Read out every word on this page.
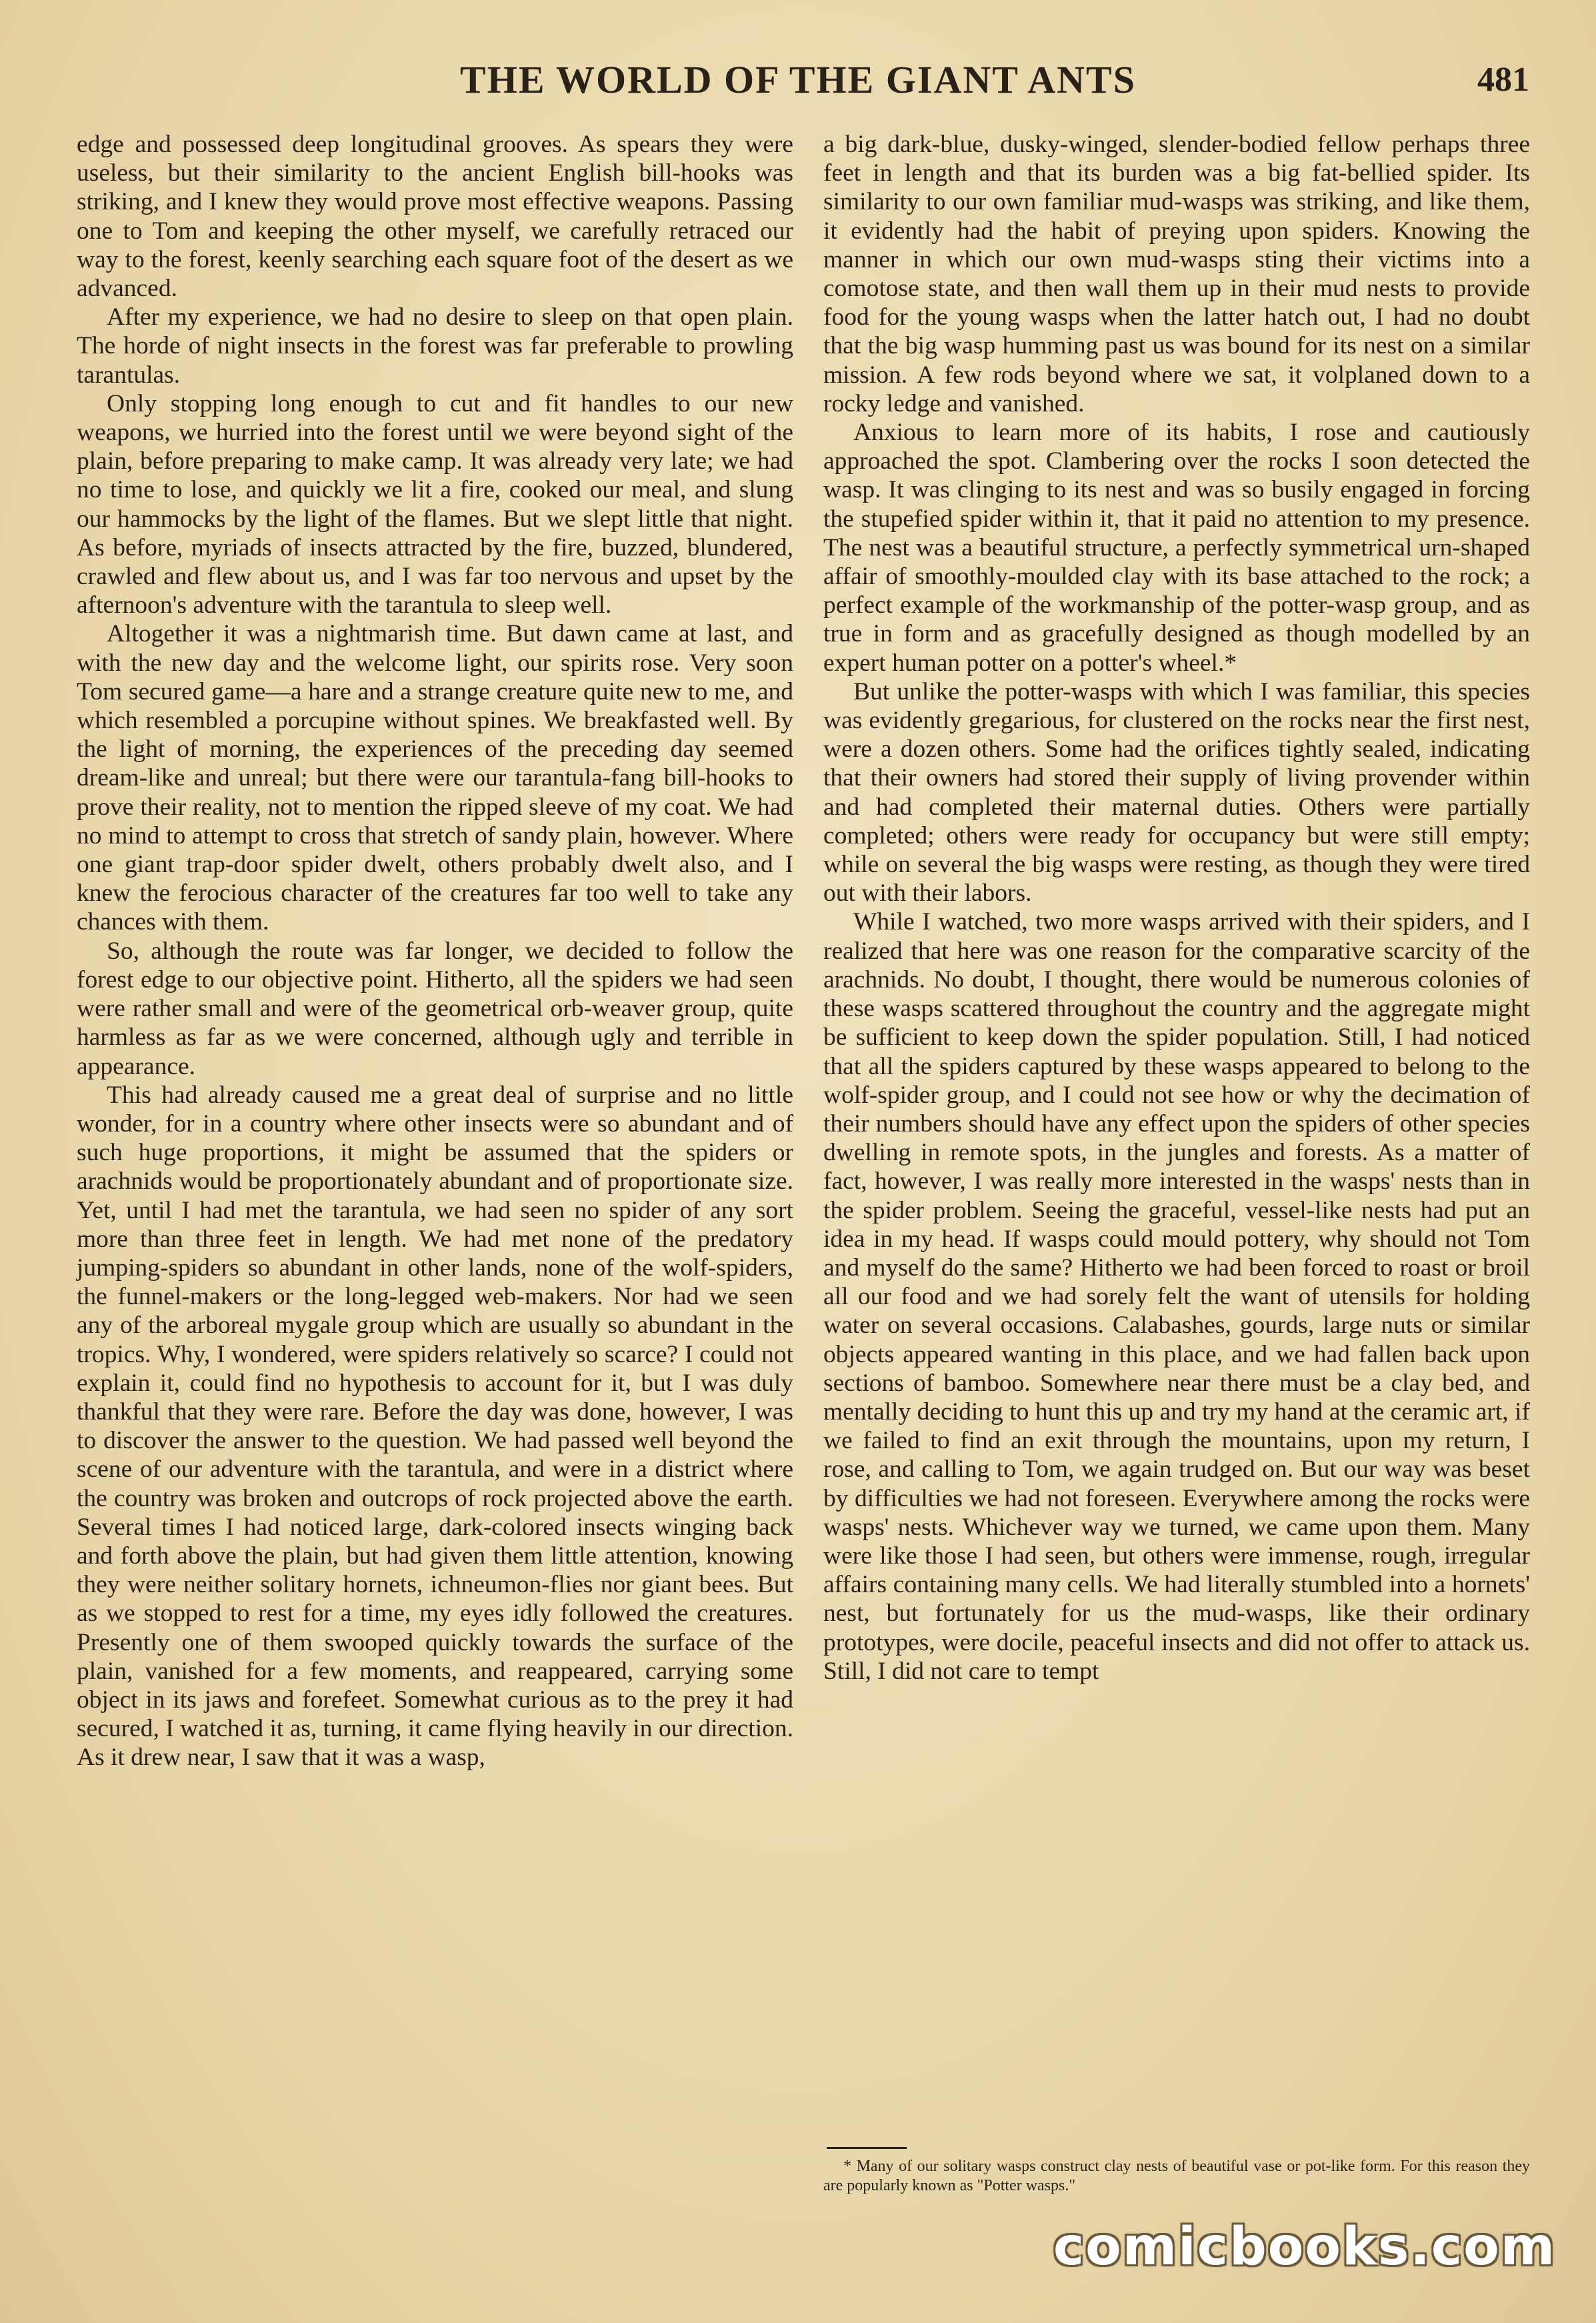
THE WORLD OF THE GIANT ANTS	481

edge and possessed deep longitudinal grooves. As spears they were useless, but their similarity to the ancient English bill-hooks was striking, and I knew they would prove most effective weapons. Passing one to Tom and keeping the other myself, we carefully retraced our way to the forest, keenly searching each square foot of the desert as we advanced.

After my experience, we had no desire to sleep on that open plain. The horde of night insects in the forest was far preferable to prowling tarantulas.

Only stopping long enough to cut and fit handles to our new weapons, we hurried into the forest until we were beyond sight of the plain, before preparing to make camp. It was already very late; we had no time to lose, and quickly we lit a fire, cooked our meal, and slung our hammocks by the light of the flames. But we slept little that night. As before, myriads of insects attracted by the fire, buzzed, blundered, crawled and flew about us, and I was far too nervous and upset by the afternoon's adventure with the tarantula to sleep well.

Altogether it was a nightmarish time. But dawn came at last, and with the new day and the welcome light, our spirits rose. Very soon Tom secured game—a hare and a strange creature quite new to me, and which resembled a porcupine without spines. We breakfasted well. By the light of morning, the experiences of the preceding day seemed dream-like and unreal; but there were our tarantula-fang bill-hooks to prove their reality, not to mention the ripped sleeve of my coat. We had no mind to attempt to cross that stretch of sandy plain, however. Where one giant trap-door spider dwelt, others probably dwelt also, and I knew the ferocious character of the creatures far too well to take any chances with them.

So, although the route was far longer, we decided to follow the forest edge to our objective point. Hitherto, all the spiders we had seen were rather small and were of the geometrical orb-weaver group, quite harmless as far as we were concerned, although ugly and terrible in appearance.

This had already caused me a great deal of surprise and no little wonder, for in a country where other insects were so abundant and of such huge proportions, it might be assumed that the spiders or arachnids would be proportionately abundant and of proportionate size. Yet, until I had met the tarantula, we had seen no spider of any sort more than three feet in length. We had met none of the predatory jumping-spiders so abundant in other lands, none of the wolf-spiders, the funnel-makers or the long-legged web-makers. Nor had we seen any of the arboreal mygale group which are usually so abundant in the tropics. Why, I wondered, were spiders relatively so scarce? I could not explain it, could find no hypothesis to account for it, but I was duly thankful that they were rare. Before the day was done, however, I was to discover the answer to the question. We had passed well beyond the scene of our adventure with the tarantula, and were in a district where the country was broken and outcrops of rock projected above the earth. Several times I had noticed large, dark-colored insects winging back and forth above the plain, but had given them little attention, knowing they were neither solitary hornets, ichneumon-flies nor giant bees. But as we stopped to rest for a time, my eyes idly followed the creatures. Presently one of them swooped quickly towards the surface of the plain, vanished for a few moments, and reappeared, carrying some object in its jaws and forefeet. Somewhat curious as to the prey it had secured, I watched it as, turning, it came flying heavily in our direction. As it drew near, I saw that it was a wasp,

a big dark-blue, dusky-winged, slender-bodied fellow perhaps three feet in length and that its burden was a big fat-bellied spider. Its similarity to our own familiar mud-wasps was striking, and like them, it evidently had the habit of preying upon spiders. Knowing the manner in which our own mud-wasps sting their victims into a comotose state, and then wall them up in their mud nests to provide food for the young wasps when the latter hatch out, I had no doubt that the big wasp humming past us was bound for its nest on a similar mission. A few rods beyond where we sat, it volplaned down to a rocky ledge and vanished.

Anxious to learn more of its habits, I rose and cautiously approached the spot. Clambering over the rocks I soon detected the wasp. It was clinging to its nest and was so busily engaged in forcing the stupefied spider within it, that it paid no attention to my presence. The nest was a beautiful structure, a perfectly symmetrical urn-shaped affair of smoothly-moulded clay with its base attached to the rock; a perfect example of the workmanship of the potter-wasp group, and as true in form and as gracefully designed as though modelled by an expert human potter on a potter's wheel.*

But unlike the potter-wasps with which I was familiar, this species was evidently gregarious, for clustered on the rocks near the first nest, were a dozen others. Some had the orifices tightly sealed, indicating that their owners had stored their supply of living provender within and had completed their maternal duties. Others were partially completed; others were ready for occupancy but were still empty; while on several the big wasps were resting, as though they were tired out with their labors.

While I watched, two more wasps arrived with their spiders, and I realized that here was one reason for the comparative scarcity of the arachnids. No doubt, I thought, there would be numerous colonies of these wasps scattered throughout the country and the aggregate might be sufficient to keep down the spider population. Still, I had noticed that all the spiders captured by these wasps appeared to belong to the wolf-spider group, and I could not see how or why the decimation of their numbers should have any effect upon the spiders of other species dwelling in remote spots, in the jungles and forests. As a matter of fact, however, I was really more interested in the wasps' nests than in the spider problem. Seeing the graceful, vessel-like nests had put an idea in my head. If wasps could mould pottery, why should not Tom and myself do the same? Hitherto we had been forced to roast or broil all our food and we had sorely felt the want of utensils for holding water on several occasions. Calabashes, gourds, large nuts or similar objects appeared wanting in this place, and we had fallen back upon sections of bamboo. Somewhere near there must be a clay bed, and mentally deciding to hunt this up and try my hand at the ceramic art, if we failed to find an exit through the mountains, upon my return, I rose, and calling to Tom, we again trudged on. But our way was beset by difficulties we had not foreseen. Everywhere among the rocks were wasps' nests. Whichever way we turned, we came upon them. Many were like those I had seen, but others were immense, rough, irregular affairs containing many cells. We had literally stumbled into a hornets' nest, but fortunately for us the mud-wasps, like their ordinary prototypes, were docile, peaceful insects and did not offer to attack us. Still, I did not care to tempt

* Many of our solitary wasps construct clay nests of beautiful vase or pot-like form. For this reason they are popularly known as "Potter wasps."

comicbooks.com
